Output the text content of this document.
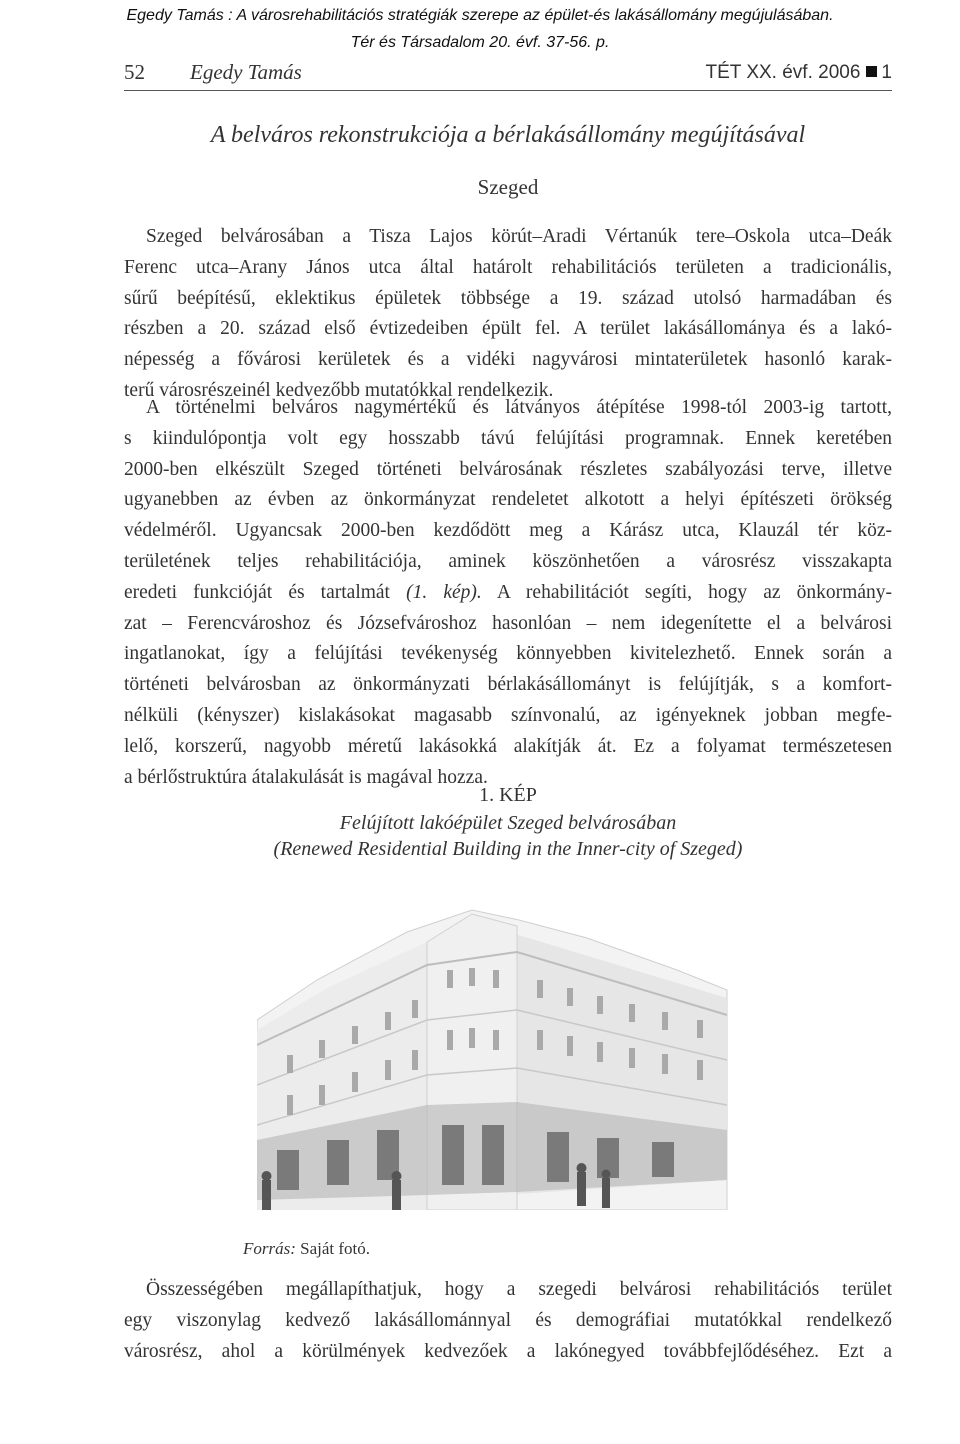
Egedy Tamás : A városrehabilitációs stratégiák szerepe az épület-és lakásállomány megújulásában.
Tér és Társadalom 20. évf. 37-56. p.
52 Egedy Tamás	TÉT XX. évf. 2006 1
A belváros rekonstrukciója a bérlakásállomány megújításával
Szeged
Szeged belvárosában a Tisza Lajos körút–Aradi Vértanúk tere–Oskola utca–Deák
Ferenc utca–Arany János utca által határolt rehabilitációs területen a tradicionális,
sűrű beépítésű, eklektikus épületek többsége a 19. század utolsó harmadában és
részben a 20. század első évtizedeiben épült fel. A terület lakásállománya és a lakó-
népesség a fővárosi kerületek és a vidéki nagyvárosi mintaterületek hasonló karak-
terű városrészeinél kedvezőbb mutatókkal rendelkezik.
A történelmi belváros nagymértékű és látványos átépítése 1998-tól 2003-ig tartott,
s kiindulópontja volt egy hosszabb távú felújítási programnak. Ennek keretében
2000-ben elkészült Szeged történeti belvárosának részletes szabályozási terve, illetve
ugyanebben az évben az önkormányzat rendeletet alkotott a helyi építészeti örökség
védelméről. Ugyancsak 2000-ben kezdődött meg a Kárász utca, Klauzál tér köz-
területének teljes rehabilitációja, aminek köszönhetően a városrész visszakapta
eredeti funkcióját és tartalmát (1. kép). A rehabilitációt segíti, hogy az önkormány-
zat – Ferencvároshoz és Józsefvároshoz hasonlóan – nem idegenítette el a belvárosi
ingatlanokat, így a felújítási tevékenység könnyebben kivitelezhető. Ennek során a
történeti belvárosban az önkormányzati bérlakásállományt is felújítják, s a komfort-
nélküli (kényszer) kislakásokat magasabb színvonalú, az igényeknek jobban megfe-
lelő, korszerű, nagyobb méretű lakásokká alakítják át. Ez a folyamat természetesen
a bérlőstruktúra átalakulását is magával hozza.
1. KÉP
Felújított lakóépület Szeged belvárosában
(Renewed Residential Building in the Inner-city of Szeged)
Forrás: Saját fotó.
Összességében megállapíthatjuk, hogy a szegedi belvárosi rehabilitációs terület
egy viszonylag kedvező lakásállománnyal és demográfiai mutatókkal rendelkező
városrész, ahol a körülmények kedvezőek a lakónegyed továbbfejlődéséhez. Ezt a
